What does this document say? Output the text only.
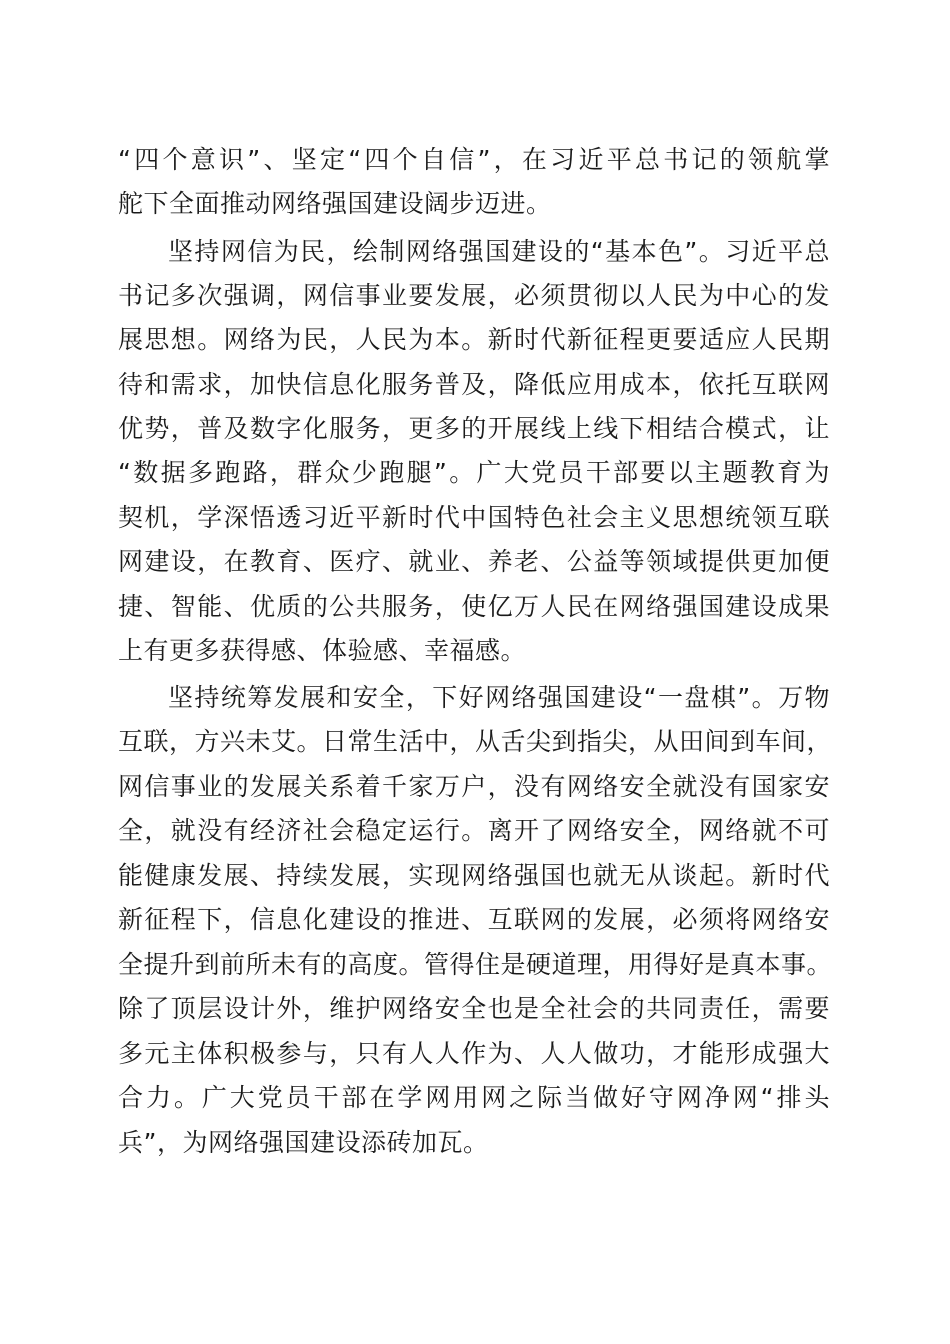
“四个意识”、坚定“四个自信”，在习近平总书记的领航掌
舵下全面推动网络强国建设阔步迈进。
坚持网信为民，绘制网络强国建设的“基本色”。习近平总
书记多次强调，网信事业要发展，必须贯彻以人民为中心的发
展思想。网络为民，人民为本。新时代新征程更要适应人民期
待和需求，加快信息化服务普及，降低应用成本，依托互联网
优势，普及数字化服务，更多的开展线上线下相结合模式，让
“数据多跑路，群众少跑腿”。广大党员干部要以主题教育为
契机，学深悟透习近平新时代中国特色社会主义思想统领互联
网建设，在教育、医疗、就业、养老、公益等领域提供更加便
捷、智能、优质的公共服务，使亿万人民在网络强国建设成果
上有更多获得感、体验感、幸福感。
坚持统筹发展和安全，下好网络强国建设“一盘棋”。万物
互联，方兴未艾。日常生活中，从舌尖到指尖，从田间到车间，
网信事业的发展关系着千家万户，没有网络安全就没有国家安
全，就没有经济社会稳定运行。离开了网络安全，网络就不可
能健康发展、持续发展，实现网络强国也就无从谈起。新时代
新征程下，信息化建设的推进、互联网的发展，必须将网络安
全提升到前所未有的高度。管得住是硬道理，用得好是真本事。
除了顶层设计外，维护网络安全也是全社会的共同责任，需要
多元主体积极参与，只有人人作为、人人做功，才能形成强大
合力。广大党员干部在学网用网之际当做好守网净网“排头
兵”，为网络强国建设添砖加瓦。
